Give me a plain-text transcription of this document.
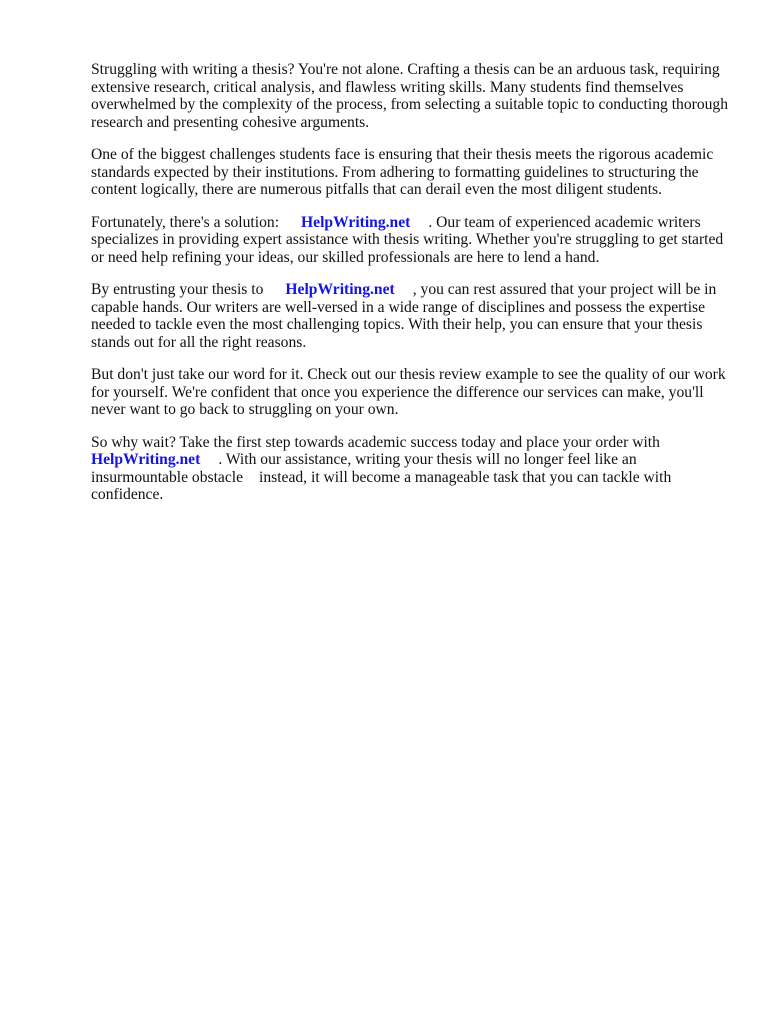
Struggling with writing a thesis? You're not alone. Crafting a thesis can be an arduous task, requiring extensive research, critical analysis, and flawless writing skills. Many students find themselves overwhelmed by the complexity of the process, from selecting a suitable topic to conducting thorough research and presenting cohesive arguments.

One of the biggest challenges students face is ensuring that their thesis meets the rigorous academic standards expected by their institutions. From adhering to formatting guidelines to structuring the content logically, there are numerous pitfalls that can derail even the most diligent students.

Fortunately, there's a solution: HelpWriting.net . Our team of experienced academic writers specializes in providing expert assistance with thesis writing. Whether you're struggling to get started or need help refining your ideas, our skilled professionals are here to lend a hand.

By entrusting your thesis to HelpWriting.net , you can rest assured that your project will be in capable hands. Our writers are well-versed in a wide range of disciplines and possess the expertise needed to tackle even the most challenging topics. With their help, you can ensure that your thesis stands out for all the right reasons.

But don't just take our word for it. Check out our thesis review example to see the quality of our work for yourself. We're confident that once you experience the difference our services can make, you'll never want to go back to struggling on your own.

So why wait? Take the first step towards academic success today and place your order with HelpWriting.net . With our assistance, writing your thesis will no longer feel like an insurmountable obstacle instead, it will become a manageable task that you can tackle with confidence.
